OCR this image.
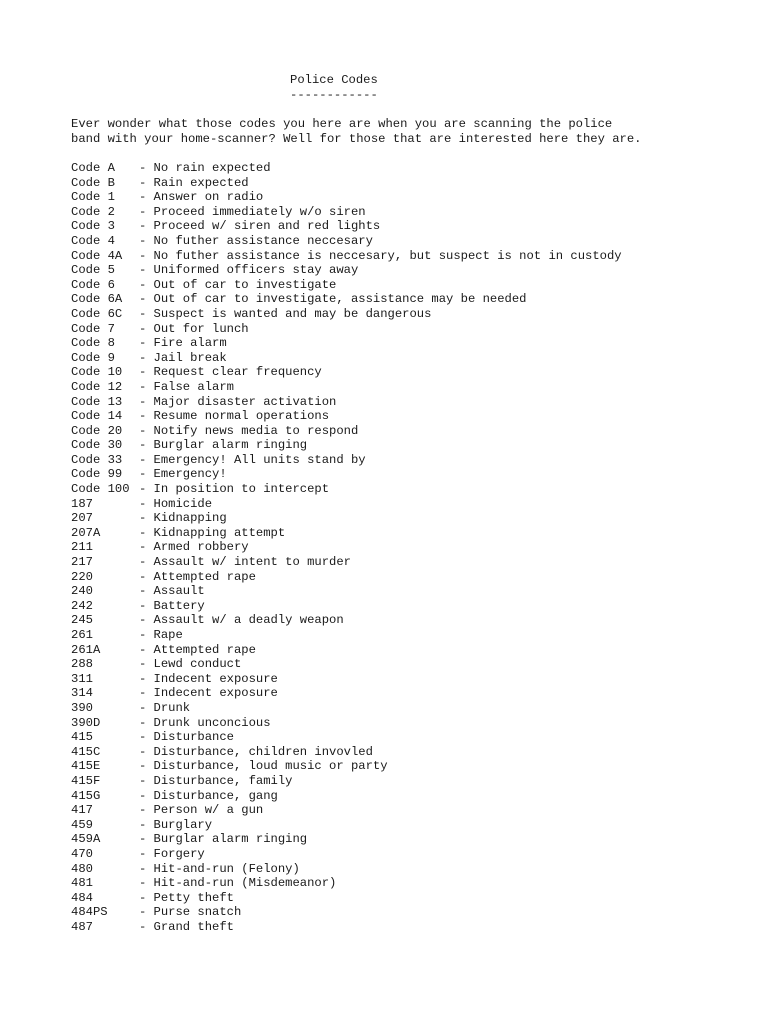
Police Codes
------------
Ever wonder what those codes you here are when you are scanning the police
band with your home-scanner? Well for those that are interested here they are.
Code A	- No rain expected
Code B	- Rain expected
Code 1	- Answer on radio
Code 2	- Proceed immediately w/o siren
Code 3	- Proceed w/ siren and red lights
Code 4	- No futher assistance neccesary
Code 4A	- No futher assistance is neccesary, but suspect is not in custody
Code 5	- Uniformed officers stay away
Code 6	- Out of car to investigate
Code 6A	- Out of car to investigate, assistance may be needed
Code 6C	- Suspect is wanted and may be dangerous
Code 7	- Out for lunch
Code 8	- Fire alarm
Code 9	- Jail break
Code 10	- Request clear frequency
Code 12	- False alarm
Code 13	- Major disaster activation
Code 14	- Resume normal operations
Code 20	- Notify news media to respond
Code 30	- Burglar alarm ringing
Code 33	- Emergency! All units stand by
Code 99	- Emergency!
Code 100 - In position to intercept
187	- Homicide
207	- Kidnapping
207A	- Kidnapping attempt
211	- Armed robbery
217	- Assault w/ intent to murder
220	- Attempted rape
240	- Assault
242	- Battery
245	- Assault w/ a deadly weapon
261	- Rape
261A	- Attempted rape
288	- Lewd conduct
311	- Indecent exposure
314	- Indecent exposure
390	- Drunk
390D	- Drunk unconcious
415	- Disturbance
415C	- Disturbance, children invovled
415E	- Disturbance, loud music or party
415F	- Disturbance, family
415G	- Disturbance, gang
417	- Person w/ a gun
459	- Burglary
459A	- Burglar alarm ringing
470	- Forgery
480	- Hit-and-run (Felony)
481	- Hit-and-run (Misdemeanor)
484	- Petty theft
484PS	- Purse snatch
487	- Grand theft
